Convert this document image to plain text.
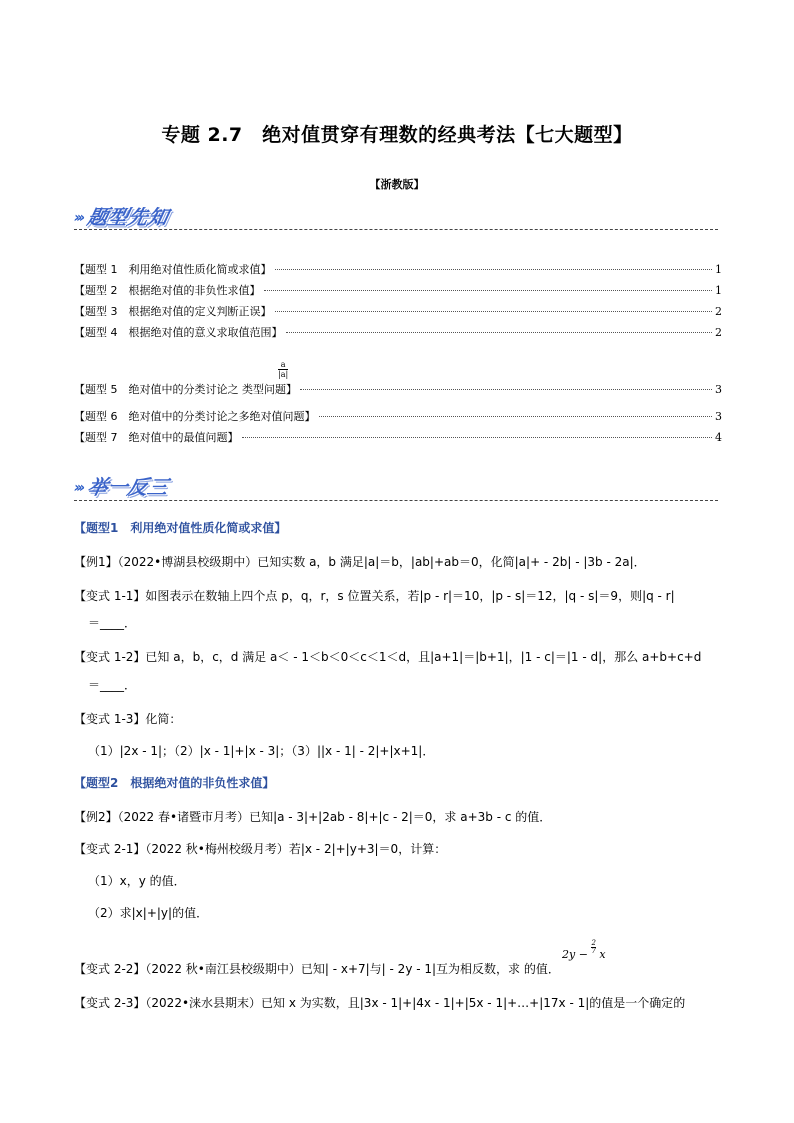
专题 2.7　绝对值贯穿有理数的经典考法【七大题型】
【浙教版】
››› 题型先知
【题型 1　利用绝对值性质化简或求值】	1
【题型 2　根据绝对值的非负性求值】	1
【题型 3　根据绝对值的定义判断正误】	2
【题型 4　根据绝对值的意义求取值范围】	2
$\frac{a}{|a|}$
【题型 5　绝对值中的分类讨论之 类型问题】	3
【题型 6　绝对值中的分类讨论之多绝对值问题】	3
【题型 7　绝对值中的最值问题】	4
››› 举一反三
【题型1　利用绝对值性质化简或求值】
【例1】（2022•博湖县校级期中）已知实数 a，b 满足|a|＝b，|ab|+ab＝0，化简|a|+ - 2b| - |3b - 2a|．
【变式 1-1】如图表示在数轴上四个点 p，q，r，s 位置关系，若|p - r|＝10，|p - s|＝12，|q - s|＝9，则|q - r|
＝____．
【变式 1-2】已知 a，b，c，d 满足 a＜ - 1＜b＜0＜c＜1＜d，且|a+1|＝|b+1|，|1 - c|＝|1 - d|，那么 a+b+c+d
＝____．
【变式 1-3】化简：
（1）|2x - 1|；（2）|x - 1|+|x - 3|；（3）||x - 1| - 2|+|x+1|．
【题型2　根据绝对值的非负性求值】
【例2】（2022 春•诸暨市月考）已知|a - 3|+|2ab - 8|+|c - 2|＝0，求 a+3b - c 的值．
【变式 2-1】（2022 秋•梅州校级月考）若|x - 2|+|y+3|＝0，计算：
（1）x，y 的值．
（2）求|x|+|y|的值．
$2y - \frac{2}{7}$ x
【变式 2-2】（2022 秋•南江县校级期中）已知| - x+7|与| - 2y - 1|互为相反数，求 的值．
【变式 2-3】（2022•涞水县期末）已知 x 为实数，且|3x - 1|+|4x - 1|+|5x - 1|+…+|17x - 1|的值是一个确定的
